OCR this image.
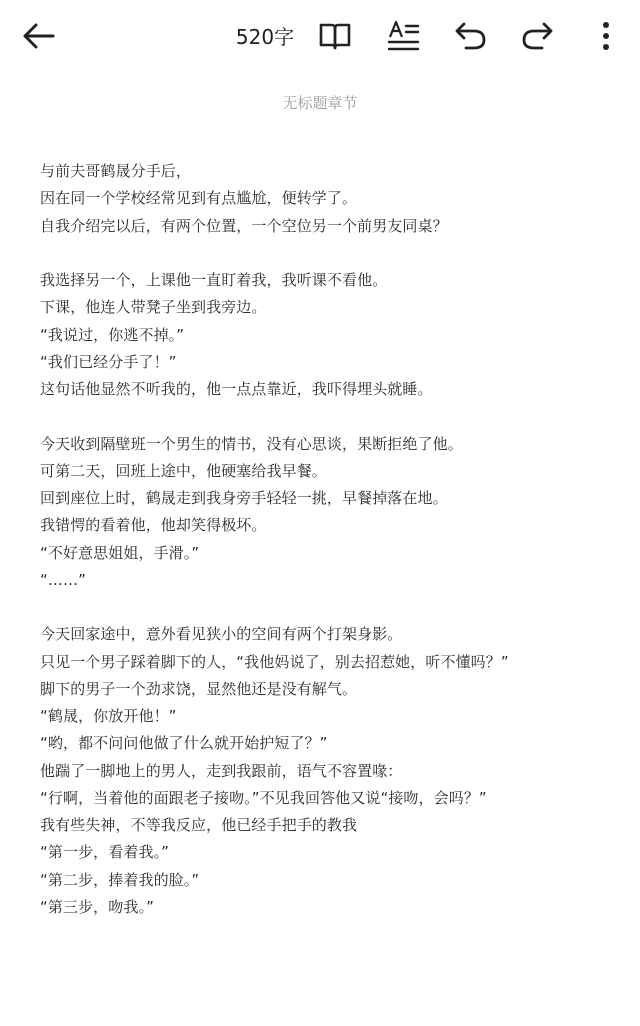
520字
无标题章节
与前夫哥鹤晟分手后，
因在同一个学校经常见到有点尴尬，便转学了。
自我介绍完以后，有两个位置，一个空位另一个前男友同桌？
我选择另一个，上课他一直盯着我，我听课不看他。
下课，他连人带凳子坐到我旁边。
“我说过，你逃不掉。”
“我们已经分手了！”
这句话他显然不听我的，他一点点靠近，我吓得埋头就睡。
今天收到隔壁班一个男生的情书，没有心思谈，果断拒绝了他。
可第二天，回班上途中，他硬塞给我早餐。
回到座位上时，鹤晟走到我身旁手轻轻一挑，早餐掉落在地。
我错愕的看着他，他却笑得极坏。
“不好意思姐姐，手滑。”
“……”
今天回家途中，意外看见狭小的空间有两个打架身影。
只见一个男子踩着脚下的人，“我他妈说了，别去招惹她，听不懂吗？”
脚下的男子一个劲求饶，显然他还是没有解气。
“鹤晟，你放开他！”
“哟，都不问问他做了什么就开始护短了？”
他踹了一脚地上的男人，走到我跟前，语气不容置喙：
“行啊，当着他的面跟老子接吻。”不见我回答他又说“接吻，会吗？”
我有些失神，不等我反应，他已经手把手的教我
“第一步，看着我。”
“第二步，捧着我的脸。”
“第三步，吻我。”
